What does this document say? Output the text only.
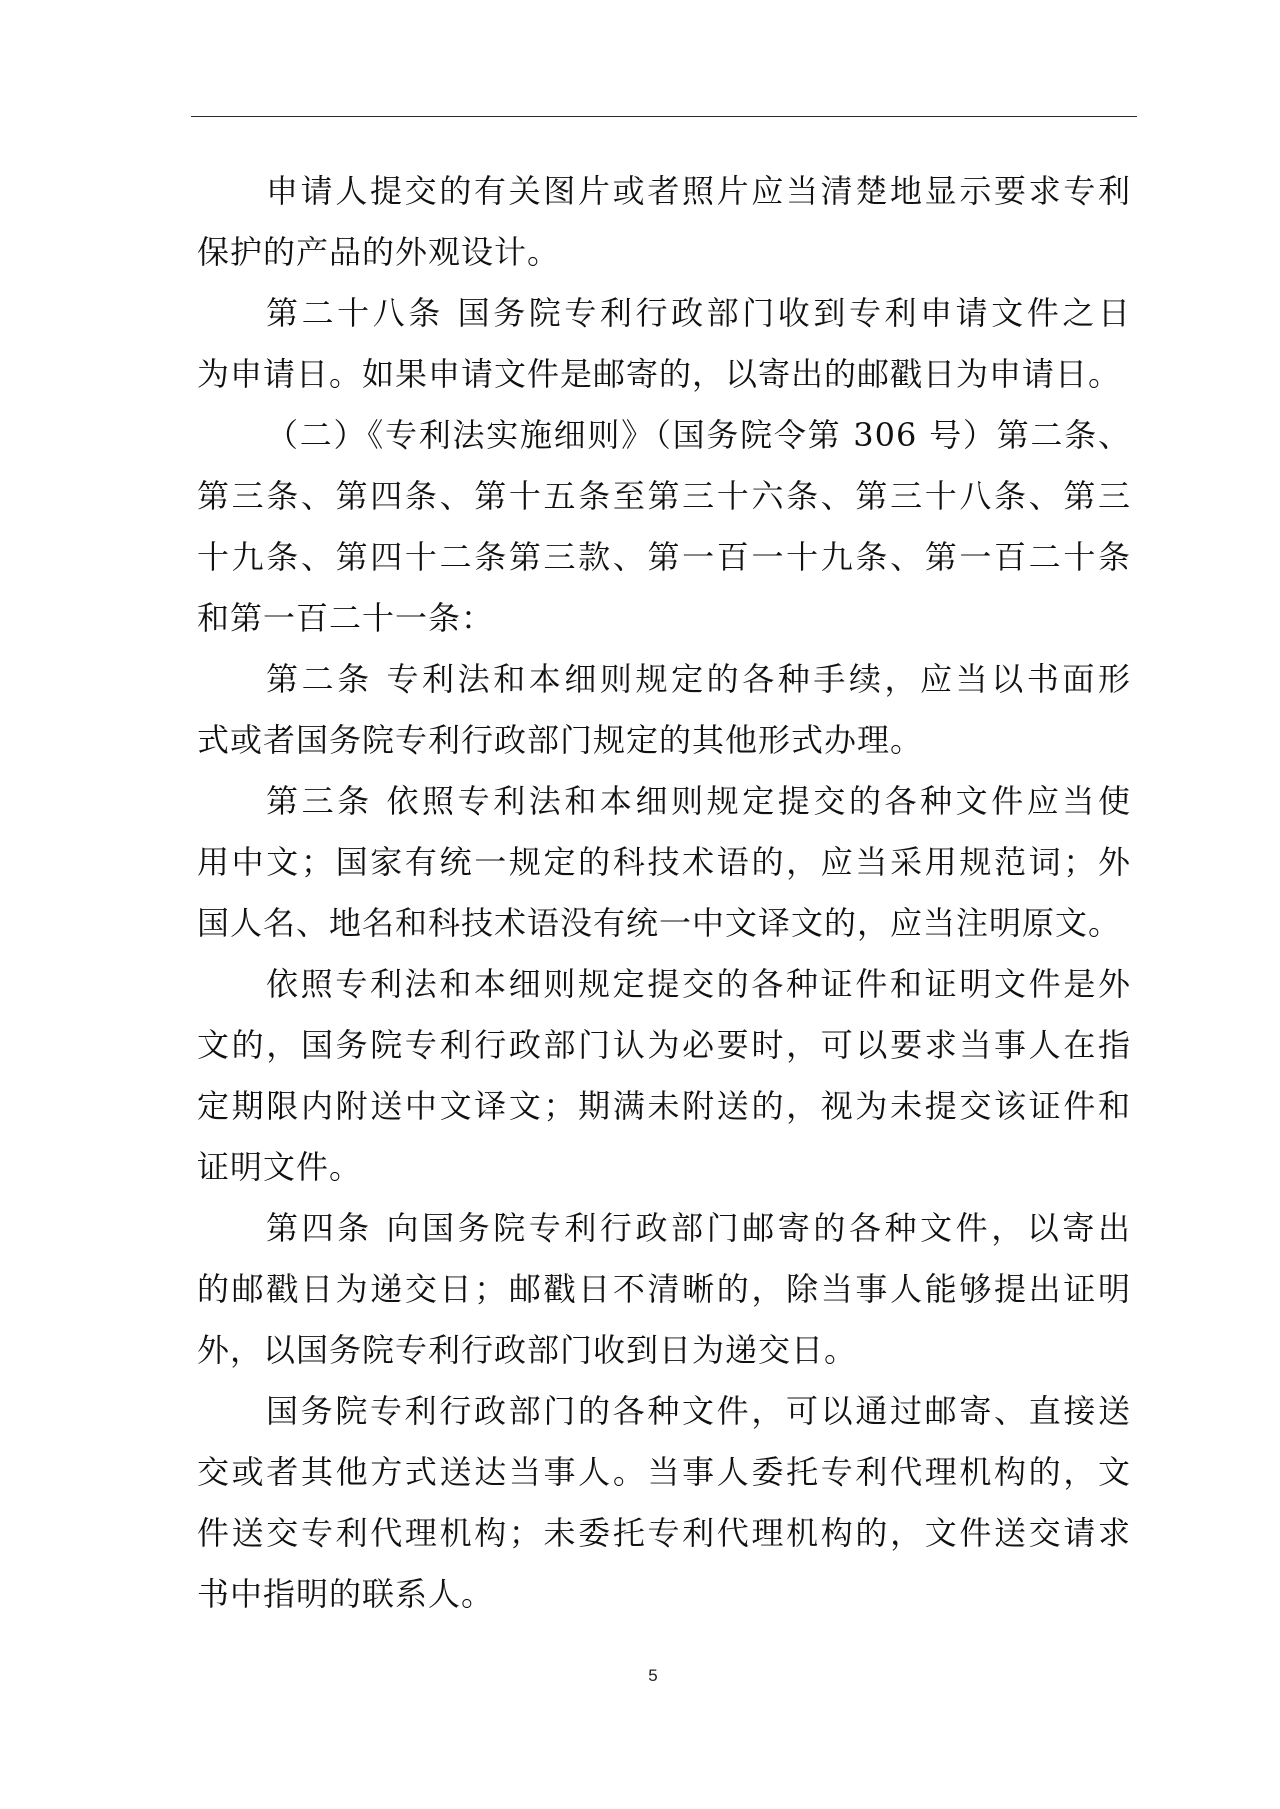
申请人提交的有关图片或者照片应当清楚地显示要求专利
保护的产品的外观设计。
第二十八条 国务院专利行政部门收到专利申请文件之日
为申请日。如果申请文件是邮寄的，以寄出的邮戳日为申请日。
（二）《专利法实施细则》（国务院令第 306 号）第二条、
第三条、第四条、第十五条至第三十六条、第三十八条、第三
十九条、第四十二条第三款、第一百一十九条、第一百二十条
和第一百二十一条：
第二条 专利法和本细则规定的各种手续，应当以书面形
式或者国务院专利行政部门规定的其他形式办理。
第三条 依照专利法和本细则规定提交的各种文件应当使
用中文；国家有统一规定的科技术语的，应当采用规范词；外
国人名、地名和科技术语没有统一中文译文的，应当注明原文。
依照专利法和本细则规定提交的各种证件和证明文件是外
文的，国务院专利行政部门认为必要时，可以要求当事人在指
定期限内附送中文译文；期满未附送的，视为未提交该证件和
证明文件。
第四条 向国务院专利行政部门邮寄的各种文件，以寄出
的邮戳日为递交日；邮戳日不清晰的，除当事人能够提出证明
外，以国务院专利行政部门收到日为递交日。
国务院专利行政部门的各种文件，可以通过邮寄、直接送
交或者其他方式送达当事人。当事人委托专利代理机构的，文
件送交专利代理机构；未委托专利代理机构的，文件送交请求
书中指明的联系人。
5
